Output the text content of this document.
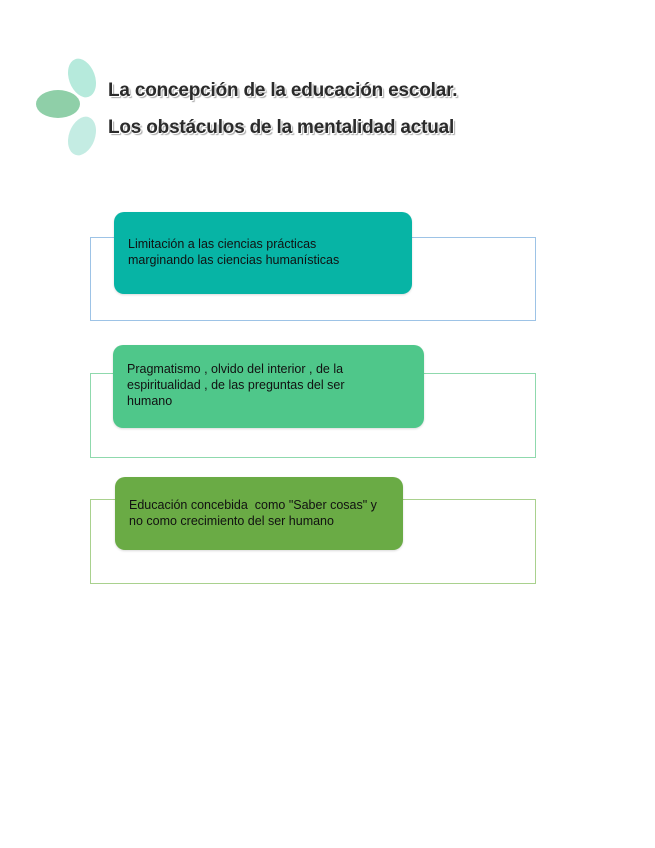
La concepción de la educación escolar.
Los obstáculos de la mentalidad actual
Limitación a las ciencias prácticas marginando las ciencias humanísticas
Pragmatismo , olvido del interior , de la espiritualidad , de las preguntas del ser humano
Educación concebida  como "Saber cosas" y no como crecimiento del ser humano
